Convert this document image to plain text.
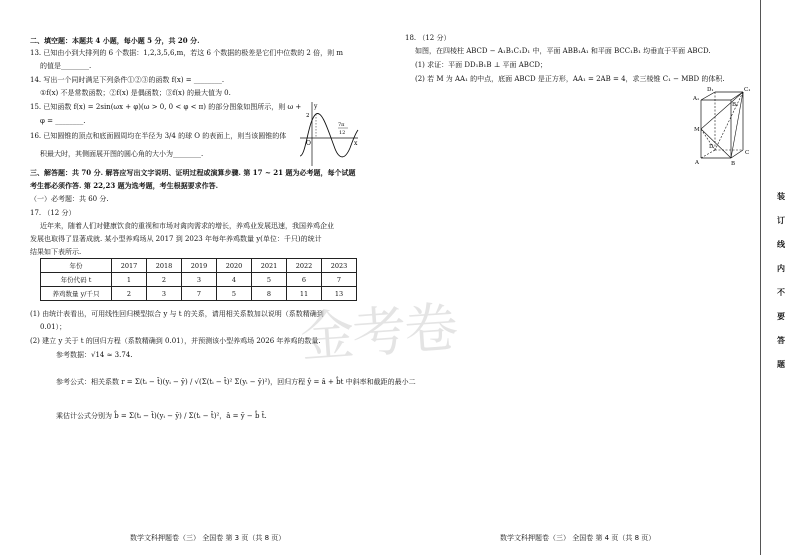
二、填空题：本题共 4 小题，每小题 5 分，共 20 分.
13. 已知由小到大排列的 6 个数据：1,2,3,5,6,m，若这 6 个数据的极差是它们中位数的 2 倍，则 m
的值是________.
14. 写出一个同时满足下列条件①②③的函数 f(x) = ________.
①f(x) 不是常数函数；②f(x) 是偶函数；③f(x) 的最大值为 0.
15. 已知函数 f(x) = 2sin(ωx + φ)(ω > 0, 0 < φ < π) 的部分图象如图所示，则 ω +
φ = ________.
16. 已知圆锥的顶点和底面圆周均在半径为 3/4 的球 O 的表面上，则当该圆锥的体
积最大时，其侧面展开图的圆心角的大小为________.
y
O	x
2
7π
12
三、解答题：共 70 分. 解答应写出文字说明、证明过程或演算步骤. 第 17 ~ 21 题为必考题，每个试题
考生都必须作答. 第 22,23 题为选考题，考生根据要求作答.
（一）必考题：共 60 分.
17. （12 分）
近年来，随着人们对健康饮食的重视和市场对禽肉需求的增长，养鸡业发展迅速，我国养鸡企业
发展也取得了显著成就. 某小型养鸡场从 2017 到 2023 年每年养鸡数量 y(单位：千只)的统计
结果如下表所示.
年份	2017	2018	2019	2020	2021	2022	2023
年份代码 t	1	2	3	4	5	6	7
养鸡数量 y/千只	2	3	7	5	8	11	13
(1) 由统计表看出，可用线性回归模型拟合 y 与 t 的关系，请用相关系数加以说明（系数精确到
0.01）；
(2) 建立 y 关于 t 的回归方程（系数精确到 0.01），并预测该小型养鸡场 2026 年养鸡的数量.
参考数据：√14 ≈ 3.74.
参考公式：相关系数 r = Σ(tᵢ − t̄)(yᵢ − ȳ) / √(Σ(tᵢ − t̄)² Σ(yᵢ − ȳ)²)，回归方程 ŷ = â + b̂t 中斜率和截距的最小二
乘估计公式分别为 b̂ = Σ(tᵢ − t̄)(yᵢ − ȳ) / Σ(tᵢ − t̄)²，â = ȳ − b̂ t̄.
数学文科押题卷（三） 全国卷 第 3 页（共 8 页）
金考卷
18. （12 分）
如图，在四棱柱 ABCD − A₁B₁C₁D₁ 中，平面 ABB₁A₁ 和平面 BCC₁B₁ 均垂直于平面 ABCD.
(1) 求证：平面 DD₁B₁B ⊥ 平面 ABCD；
(2) 若 M 为 AA₁ 的中点，底面 ABCD 是正方形，AA₁ = 2AB = 4，求三棱锥 C₁ − MBD 的体积.
A₁
D₁	C₁
B₁
M
A	B
C
D
数学文科押题卷（三） 全国卷 第 4 页（共 8 页）
装
订
线
内
不
要
答
题
